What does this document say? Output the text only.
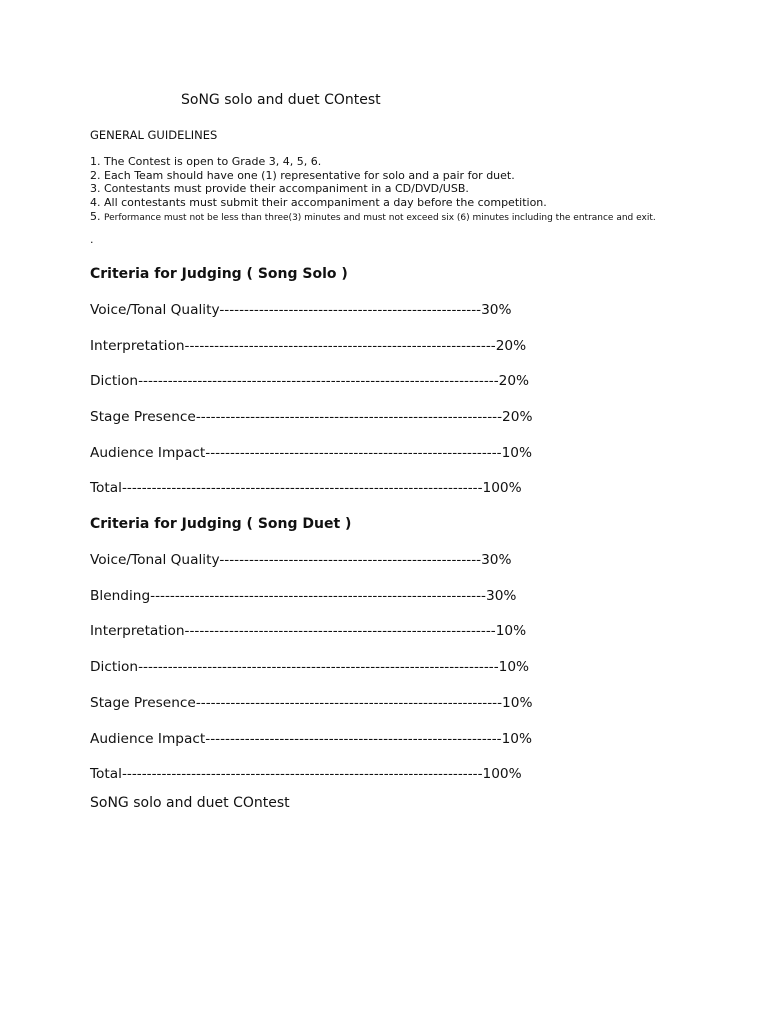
SoNG solo and duet COntest
GENERAL GUIDELINES
1. The Contest is open to Grade 3, 4, 5, 6.
2. Each Team should have one (1) representative for solo and a pair for duet.
3. Contestants must provide their accompaniment in a CD/DVD/USB.
4. All contestants must submit their accompaniment a day before the competition.
5. Performance must not be less than three(3) minutes and must not exceed six (6) minutes including the entrance and exit.
.
Criteria for Judging ( Song Solo )
Voice/Tonal Quality-----------------------------------------------------30%
Interpretation---------------------------------------------------------------20%
Diction-------------------------------------------------------------------------20%
Stage Presence--------------------------------------------------------------20%
Audience Impact------------------------------------------------------------10%
Total-------------------------------------------------------------------------100%
Criteria for Judging ( Song Duet )
Voice/Tonal Quality-----------------------------------------------------30%
Blending--------------------------------------------------------------------30%
Interpretation---------------------------------------------------------------10%
Diction-------------------------------------------------------------------------10%
Stage Presence--------------------------------------------------------------10%
Audience Impact------------------------------------------------------------10%
Total-------------------------------------------------------------------------100%
SoNG solo and duet COntest
